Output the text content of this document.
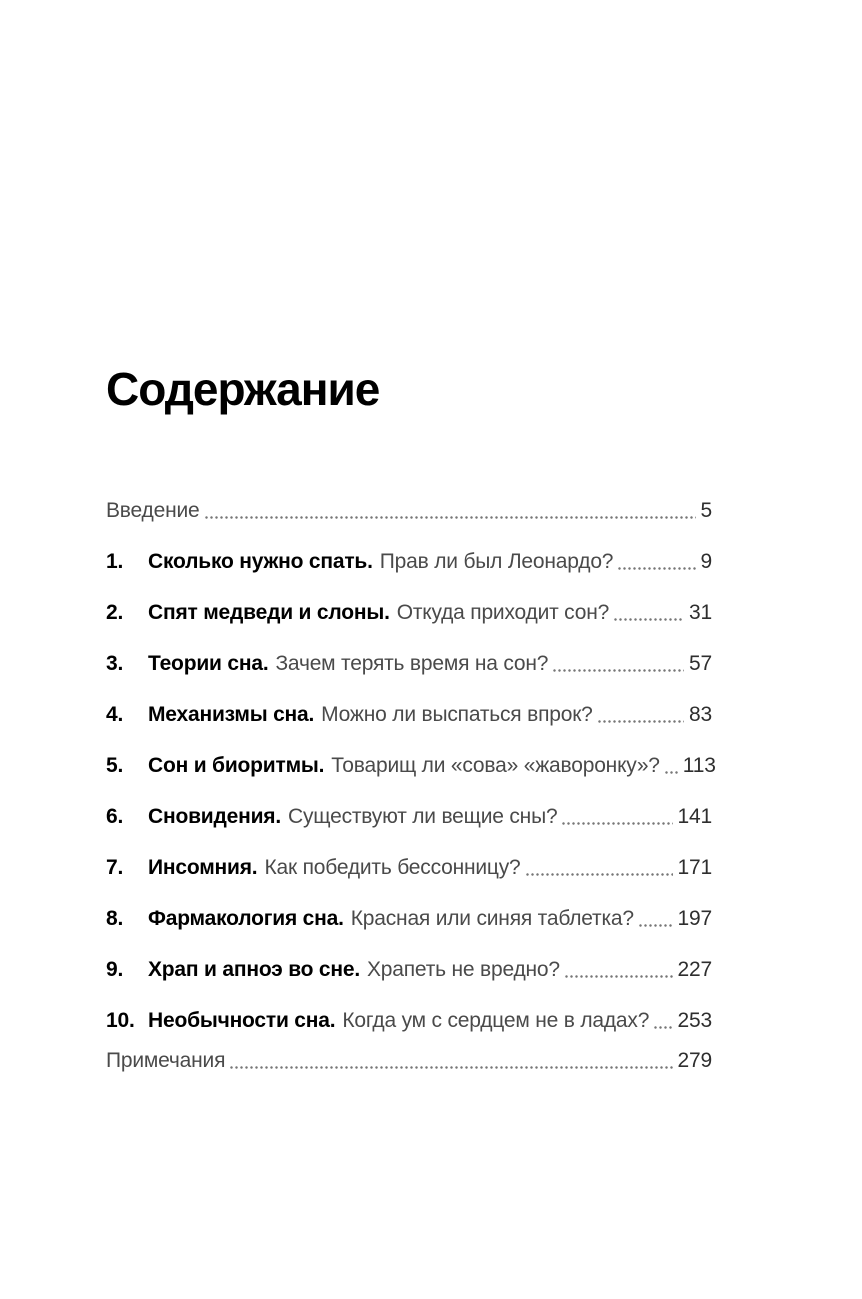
Содержание
Введение	5
1.	Сколько нужно спать. Прав ли был Леонардо?	9
2.	Спят медведи и слоны. Откуда приходит сон?	31
3.	Теории сна. Зачем терять время на сон?	57
4.	Механизмы сна. Можно ли выспаться впрок?	83
5.	Сон и биоритмы. Товарищ ли «сова» «жаворонку»? 113
6.	Сновидения. Существуют ли вещие сны?	141
7.	Инсомния. Как победить бессонницу?	171
8.	Фармакология сна. Красная или синяя таблетка? 197
9.	Храп и апноэ во сне. Храпеть не вредно?	227
10. Необычности сна. Когда ум с сердцем не в ладах? 253
Примечания	279
